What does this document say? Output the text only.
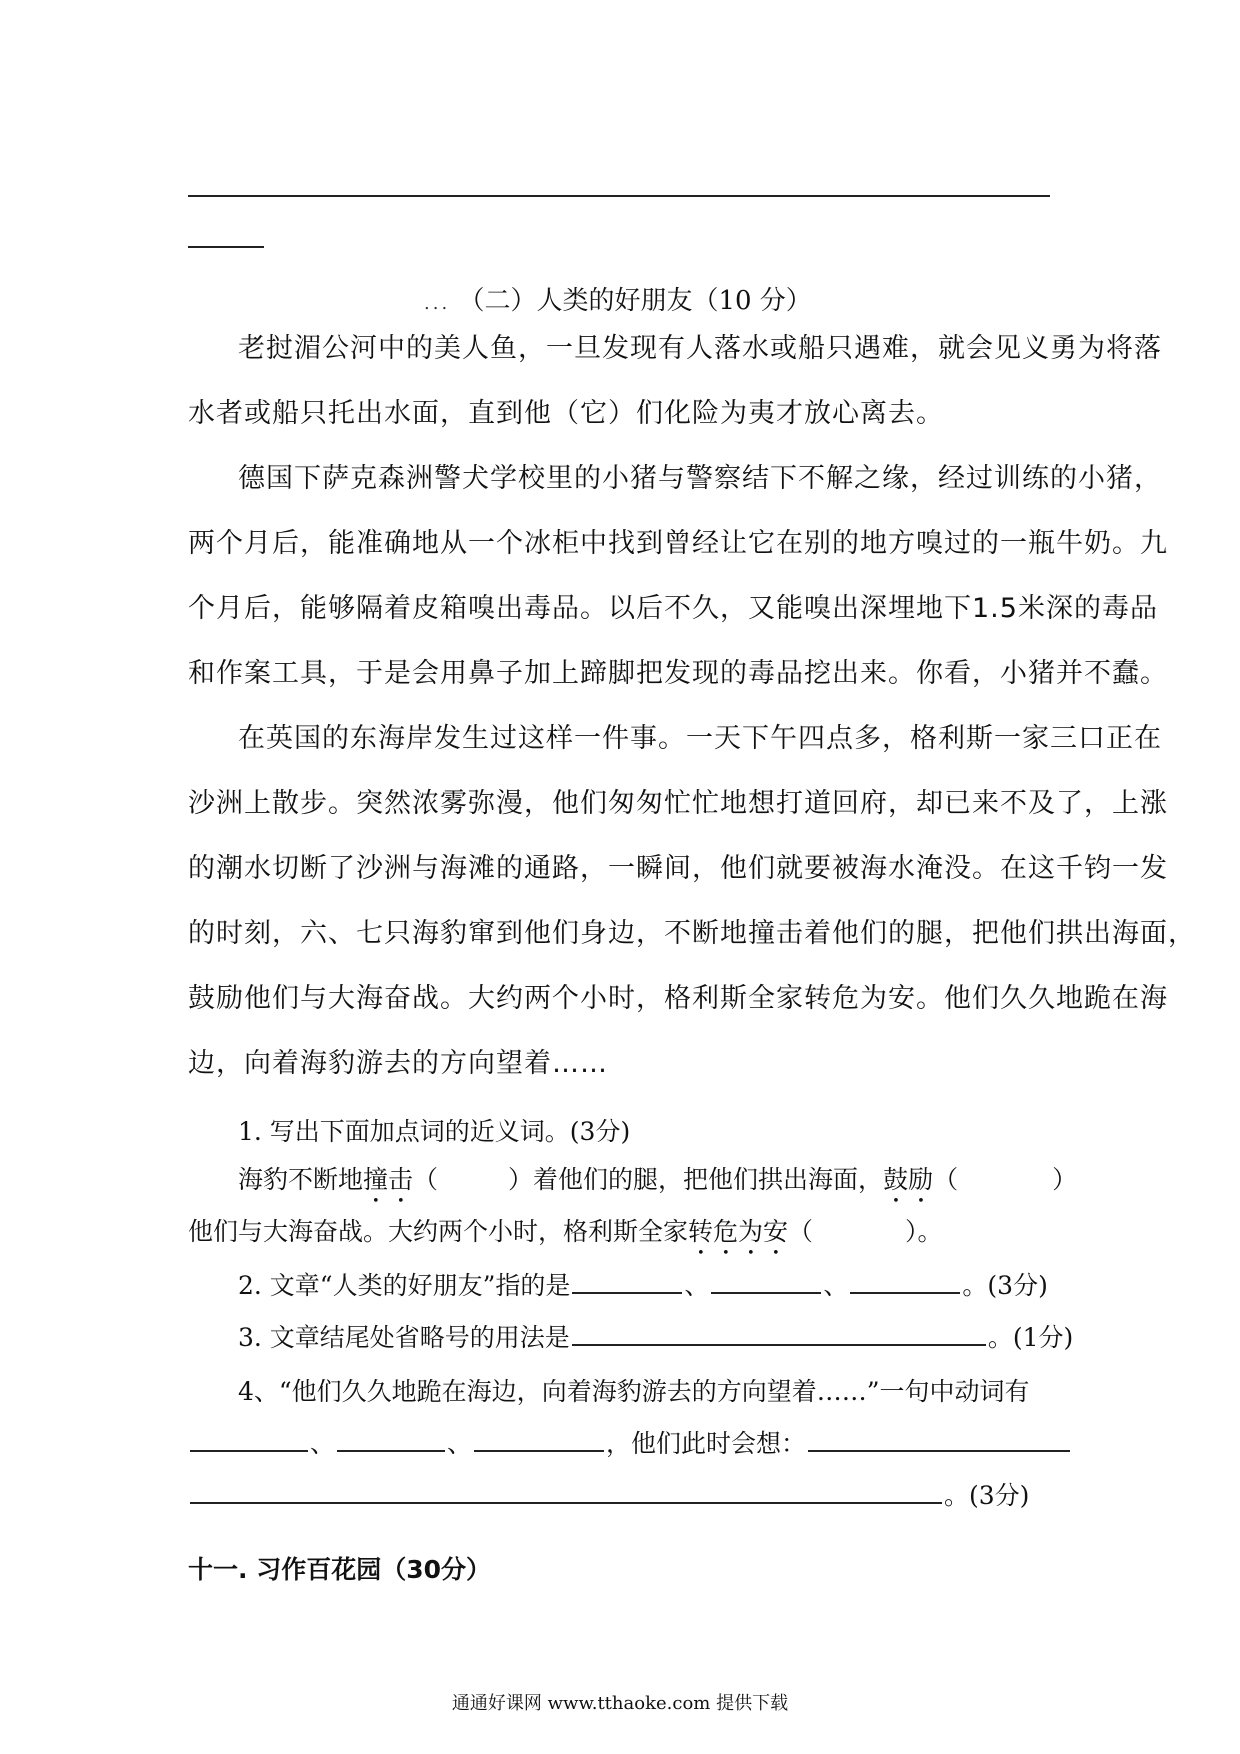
... （二）人类的好朋友（10 分）
老挝湄公河中的美人鱼，一旦发现有人落水或船只遇难，就会见义勇为将落
水者或船只托出水面，直到他（它）们化险为夷才放心离去。
德国下萨克森洲警犬学校里的小猪与警察结下不解之缘，经过训练的小猪，
两个月后，能准确地从一个冰柜中找到曾经让它在别的地方嗅过的一瓶牛奶。九
个月后，能够隔着皮箱嗅出毒品。以后不久，又能嗅出深埋地下1.5米深的毒品
和作案工具，于是会用鼻子加上蹄脚把发现的毒品挖出来。你看，小猪并不蠢。
在英国的东海岸发生过这样一件事。一天下午四点多，格利斯一家三口正在
沙洲上散步。突然浓雾弥漫，他们匆匆忙忙地想打道回府，却已来不及了，上涨
的潮水切断了沙洲与海滩的通路，一瞬间，他们就要被海水淹没。在这千钧一发
的时刻，六、七只海豹窜到他们身边，不断地撞击着他们的腿，把他们拱出海面，
鼓励他们与大海奋战。大约两个小时，格利斯全家转危为安。他们久久地跪在海
边，向着海豹游去的方向望着……
1. 写出下面加点词的近义词。(3分)
海豹不断地撞击（	）着他们的腿，把他们拱出海面，鼓励（	）
他们与大海奋战。大约两个小时，格利斯全家转危为安（	）。
2. 文章“人类的好朋友”指的是	、	、	。(3分)
3. 文章结尾处省略号的用法是	。(1分)
4、“他们久久地跪在海边，向着海豹游去的方向望着……”一句中动词有
、	、	，他们此时会想：
。(3分)
十一. 习作百花园（30分）
通通好课网 www.tthaoke.com 提供下载
